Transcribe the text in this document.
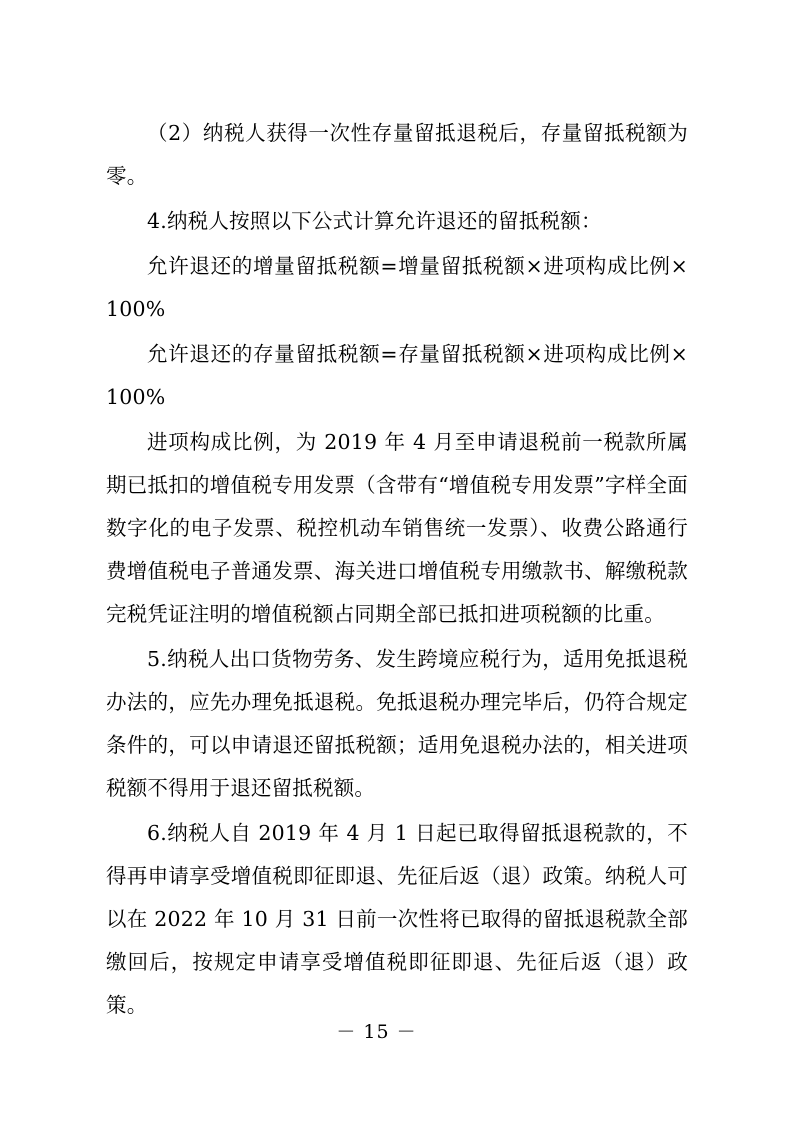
（2）纳税人获得一次性存量留抵退税后，存量留抵税额为零。

4.纳税人按照以下公式计算允许退还的留抵税额：

允许退还的增量留抵税额=增量留抵税额×进项构成比例×100%

允许退还的存量留抵税额=存量留抵税额×进项构成比例×100%

进项构成比例，为 2019 年 4 月至申请退税前一税款所属期已抵扣的增值税专用发票（含带有“增值税专用发票”字样全面数字化的电子发票、税控机动车销售统一发票）、收费公路通行费增值税电子普通发票、海关进口增值税专用缴款书、解缴税款完税凭证注明的增值税额占同期全部已抵扣进项税额的比重。

5.纳税人出口货物劳务、发生跨境应税行为，适用免抵退税办法的，应先办理免抵退税。免抵退税办理完毕后，仍符合规定条件的，可以申请退还留抵税额；适用免退税办法的，相关进项税额不得用于退还留抵税额。

6.纳税人自 2019 年 4 月 1 日起已取得留抵退税款的，不得再申请享受增值税即征即退、先征后返（退）政策。纳税人可以在 2022 年 10 月 31 日前一次性将已取得的留抵退税款全部缴回后，按规定申请享受增值税即征即退、先征后返（退）政策。

－ 15 －
